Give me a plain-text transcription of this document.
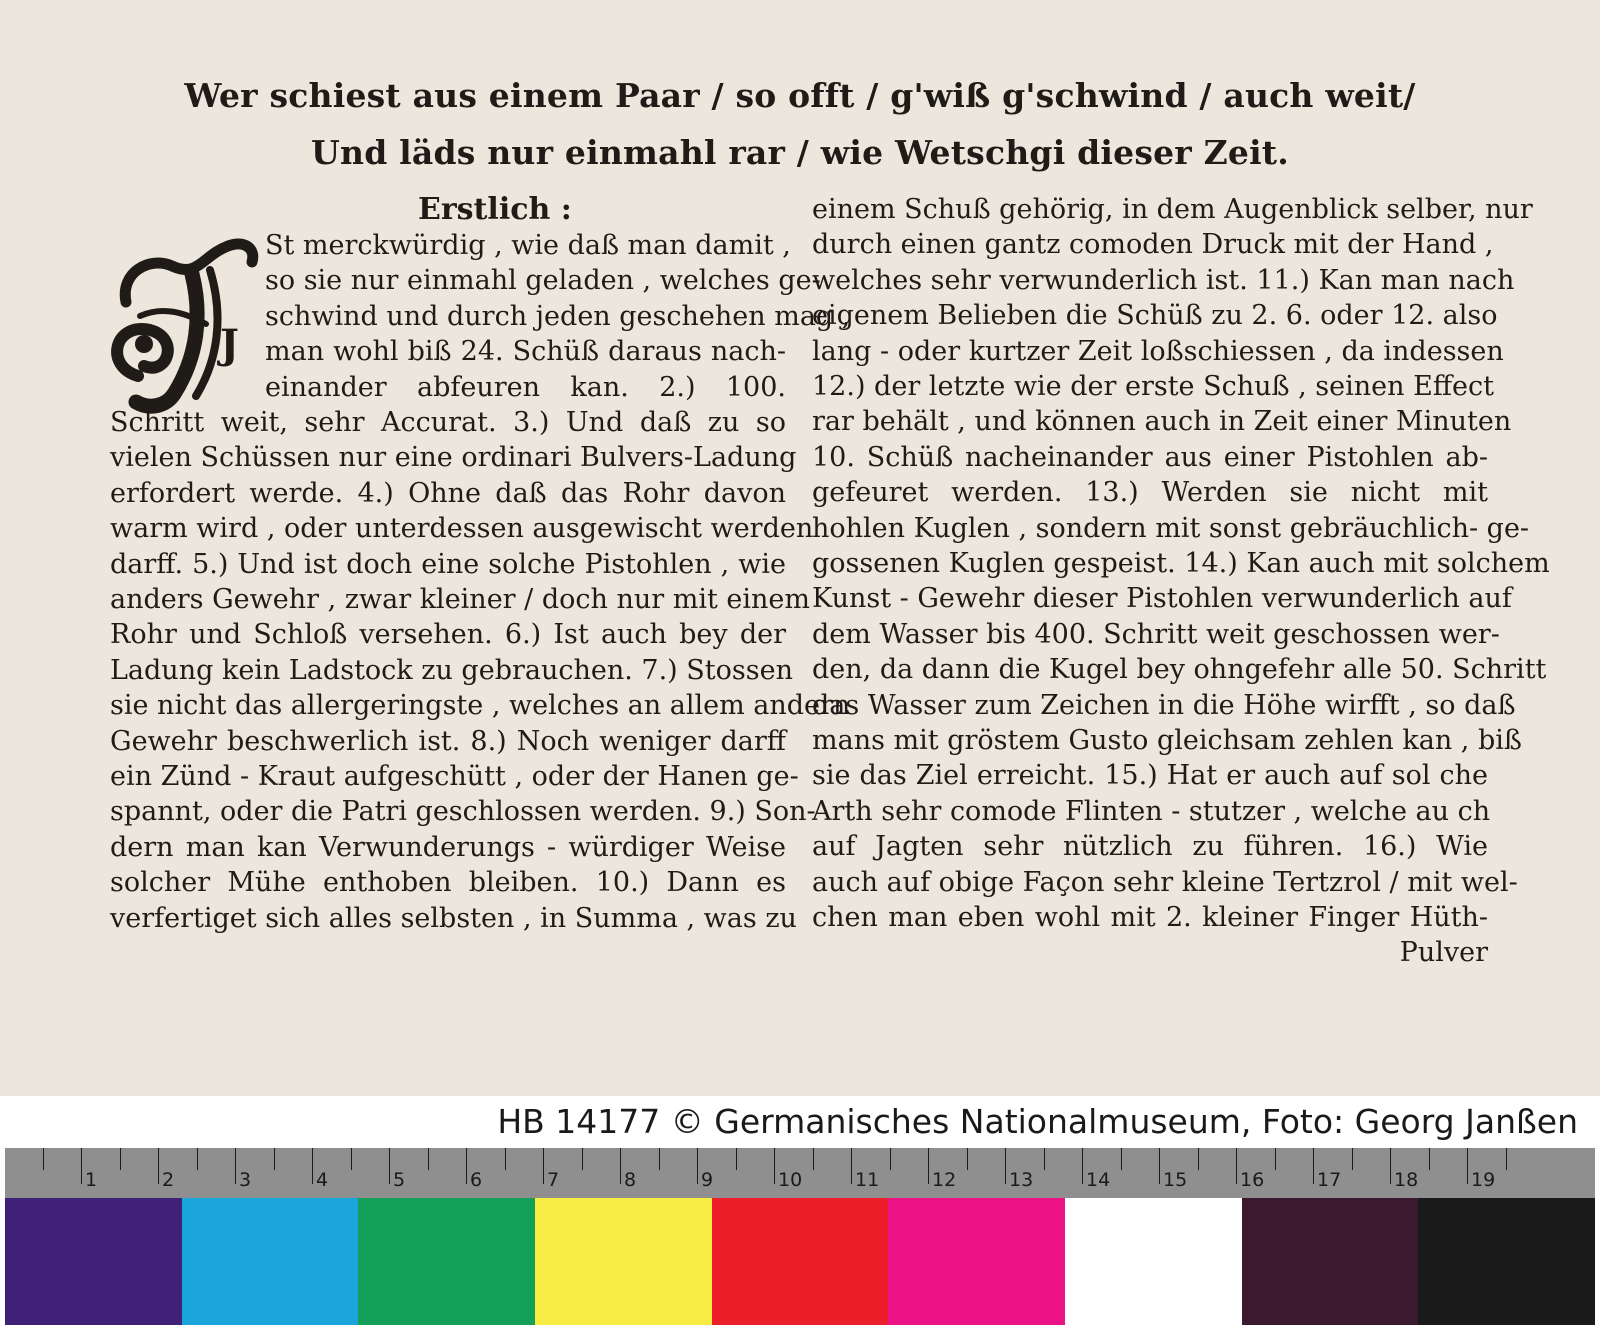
Wer schiest aus einem Paar / so offt / g'wiß g'schwind / auch weit/
Und läds nur einmahl rar / wie Wetschgi dieser Zeit.
Erstlich :
J
St merckwürdig , wie daß man damit ,
so sie nur einmahl geladen , welches ge-
schwind und durch jeden geschehen mag ,
man wohl biß 24. Schüß daraus nach-
einander abfeuren kan. 2.) 100.
Schritt weit, sehr Accurat. 3.) Und daß zu so
vielen Schüssen nur eine ordinari Bulvers-Ladung
erfordert werde. 4.) Ohne daß das Rohr davon
warm wird , oder unterdessen ausgewischt werden
darff. 5.) Und ist doch eine solche Pistohlen , wie
anders Gewehr , zwar kleiner / doch nur mit einem
Rohr und Schloß versehen. 6.) Ist auch bey der
Ladung kein Ladstock zu gebrauchen. 7.) Stossen
sie nicht das allergeringste , welches an allem andern
Gewehr beschwerlich ist. 8.) Noch weniger darff
ein Zünd - Kraut aufgeschütt , oder der Hanen ge-
spannt, oder die Patri geschlossen werden. 9.) Son-
dern man kan Verwunderungs - würdiger Weise
solcher Mühe enthoben bleiben. 10.) Dann es
verfertiget sich alles selbsten , in Summa , was zu
einem Schuß gehörig, in dem Augenblick selber, nur
durch einen gantz comoden Druck mit der Hand ,
welches sehr verwunderlich ist. 11.) Kan man nach
eigenem Belieben die Schüß zu 2. 6. oder 12. also
lang - oder kurtzer Zeit loßschiessen , da indessen
12.) der letzte wie der erste Schuß , seinen Effect
rar behält , und können auch in Zeit einer Minuten
10. Schüß nacheinander aus einer Pistohlen ab-
gefeuret werden. 13.) Werden sie nicht mit
hohlen Kuglen , sondern mit sonst gebräuchlich- ge-
gossenen Kuglen gespeist. 14.) Kan auch mit solchem
Kunst - Gewehr dieser Pistohlen verwunderlich auf
dem Wasser bis 400. Schritt weit geschossen wer-
den, da dann die Kugel bey ohngefehr alle 50. Schritt
das Wasser zum Zeichen in die Höhe wirfft , so daß
mans mit gröstem Gusto gleichsam zehlen kan , biß
sie das Ziel erreicht. 15.) Hat er auch auf sol che
Arth sehr comode Flinten - stutzer , welche au ch
auf Jagten sehr nützlich zu führen. 16.) Wie
auch auf obige Façon sehr kleine Tertzrol / mit wel-
chen man eben wohl mit 2. kleiner Finger Hüth-
Pulver
HB 14177 © Germanisches Nationalmuseum, Foto: Georg Janßen
1	2	3	4	5	6	7	8	9	10	11	12	13	14	15	16	17	18	19
